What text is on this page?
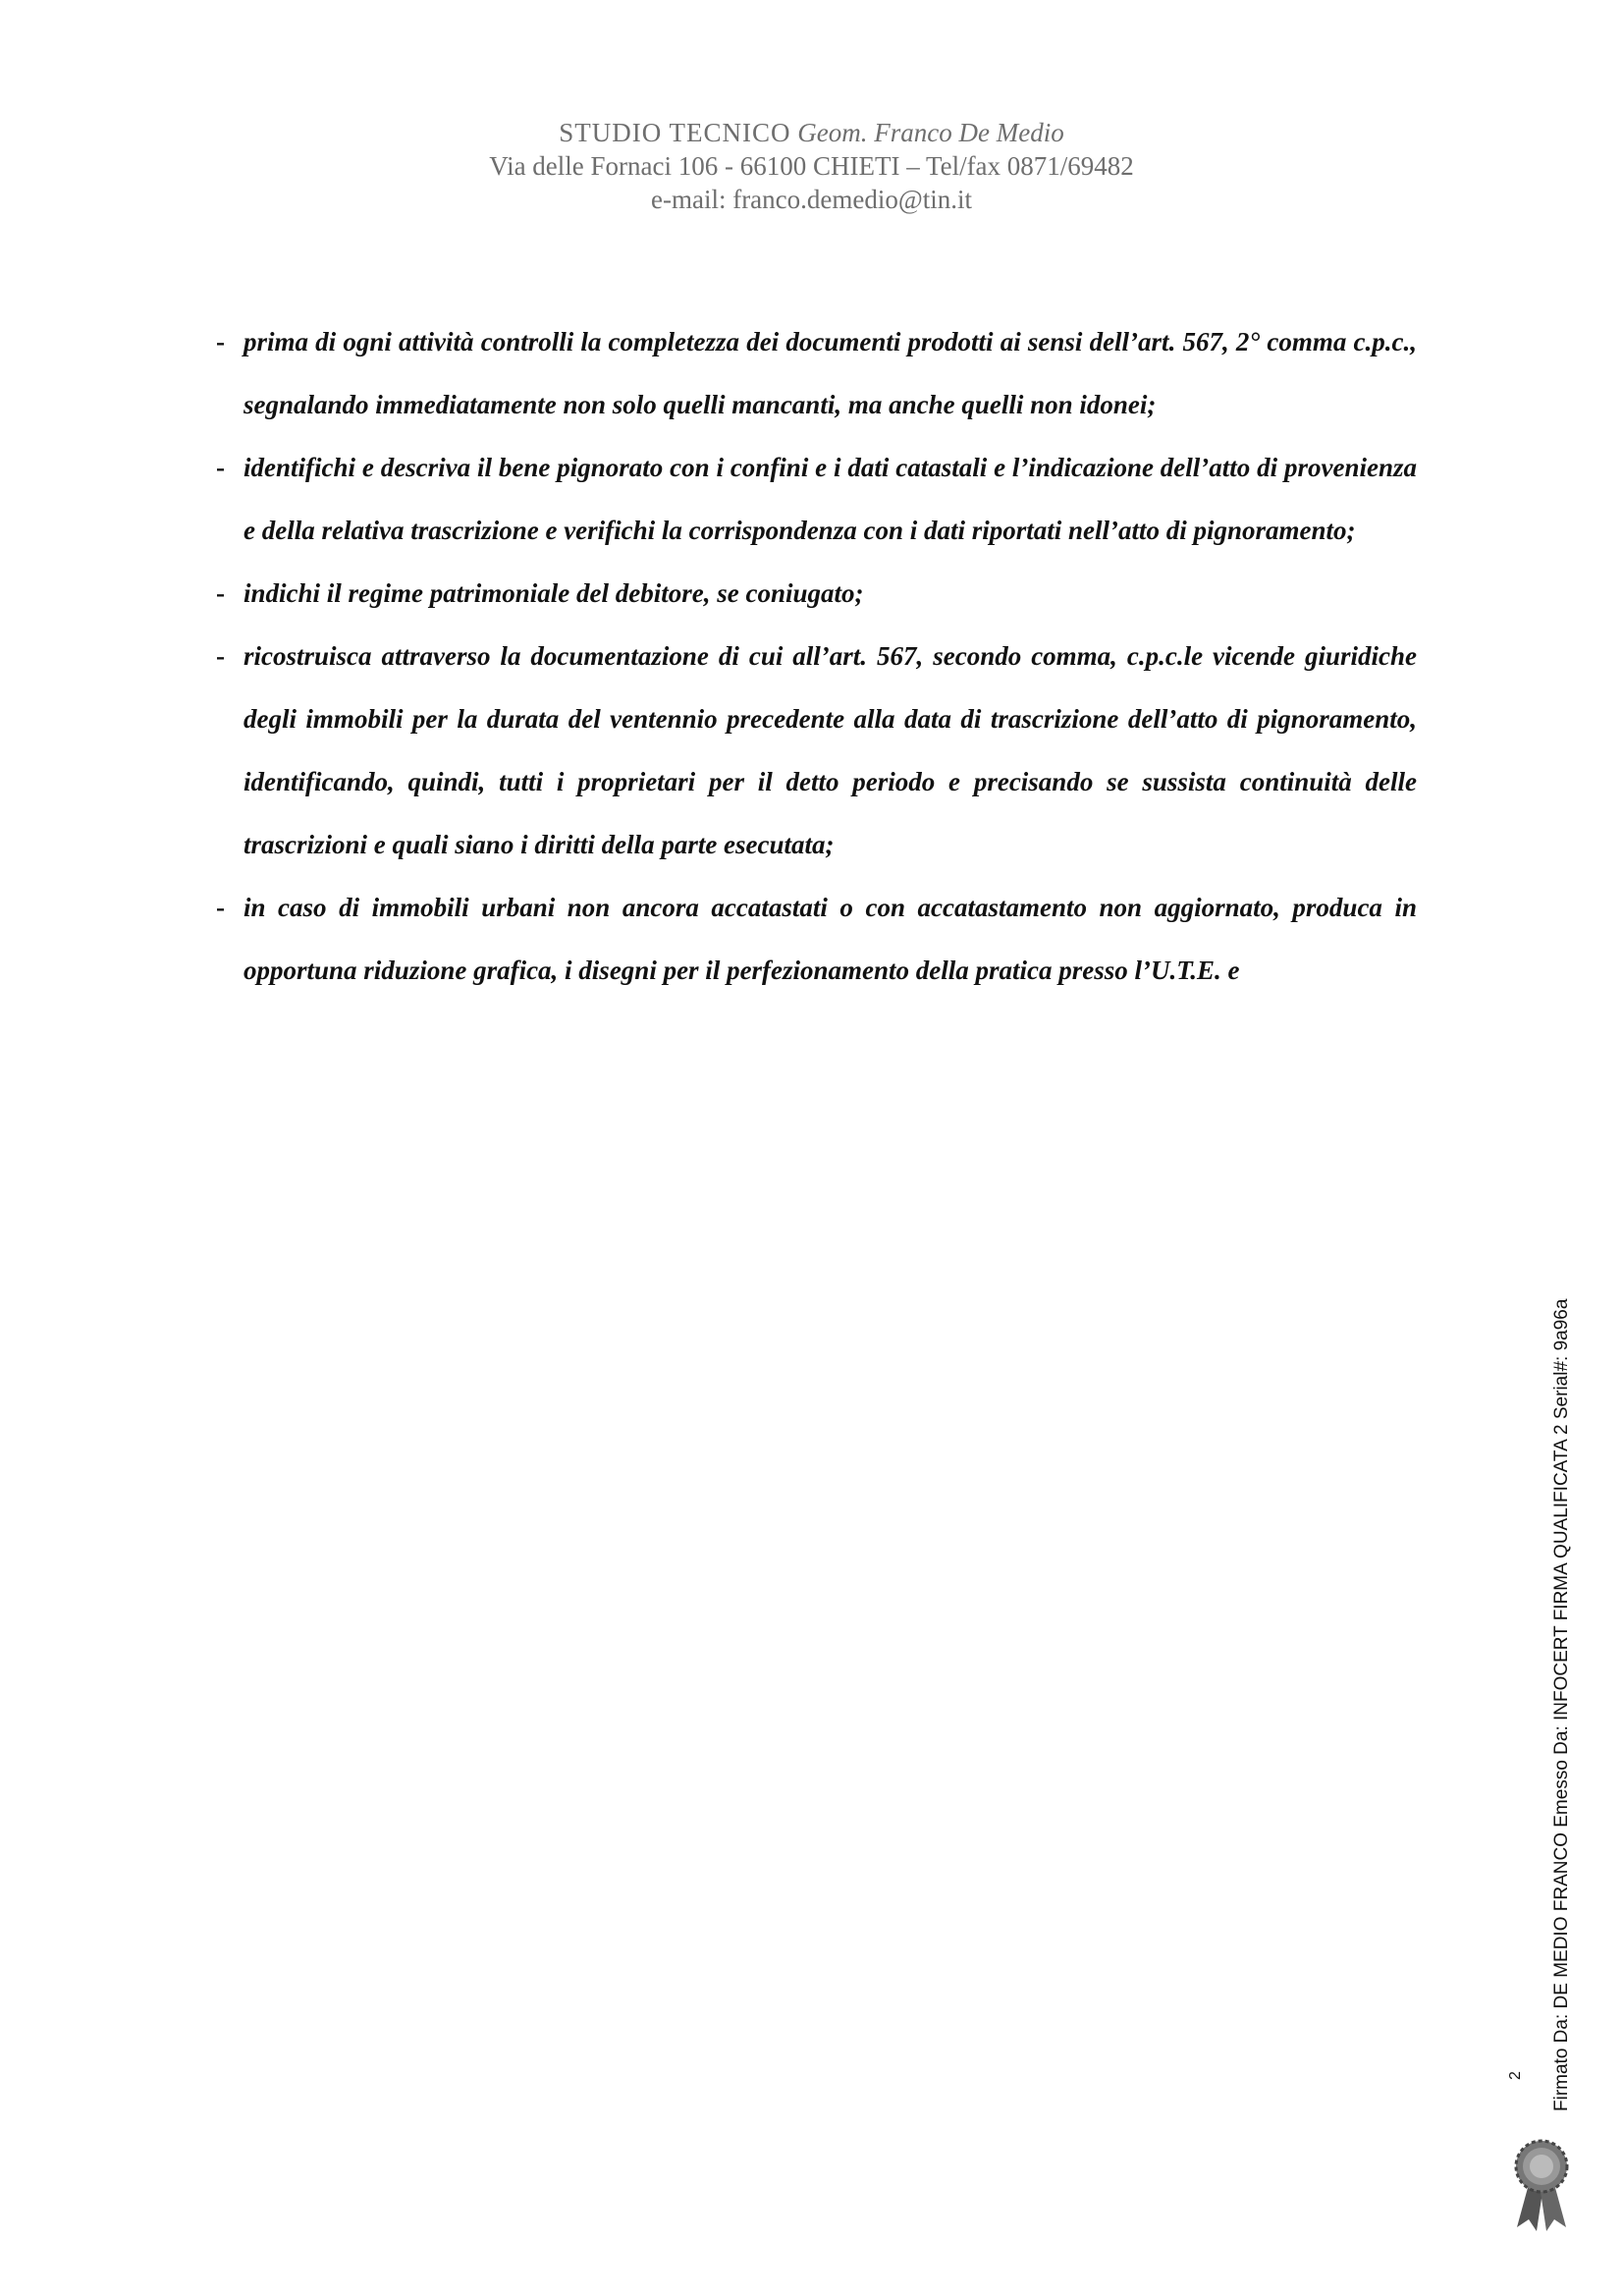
STUDIO TECNICO Geom. Franco De Medio
Via delle Fornaci 106 - 66100 CHIETI – Tel/fax 0871/69482
e-mail: franco.demedio@tin.it
- prima di ogni attività controlli la completezza dei documenti prodotti ai sensi dell’art. 567, 2° comma c.p.c., segnalando immediatamente non solo quelli mancanti, ma anche quelli non idonei;
- identifichi e descriva il bene pignorato con i confini e i dati catastali e l’indicazione dell’atto di provenienza e della relativa trascrizione e verifichi la corrispondenza con i dati riportati nell’atto di pignoramento;
- indichi il regime patrimoniale del debitore, se coniugato;
- ricostruisca attraverso la documentazione di cui all’art. 567, secondo comma, c.p.c.le vicende giuridiche degli immobili per la durata del ventennio precedente alla data di trascrizione dell’atto di pignoramento, identificando, quindi, tutti i proprietari per il detto periodo e precisando se sussista continuità delle trascrizioni e quali siano i diritti della parte esecutata;
- in caso di immobili urbani non ancora accatastati o con accatastamento non aggiornato, produca in opportuna riduzione grafica, i disegni per il perfezionamento della pratica presso l’U.T.E. e
2 Firmato Da: DE MEDIO FRANCO Emesso Da: INFOCERT FIRMA QUALIFICATA 2 Serial#: 9a96a
